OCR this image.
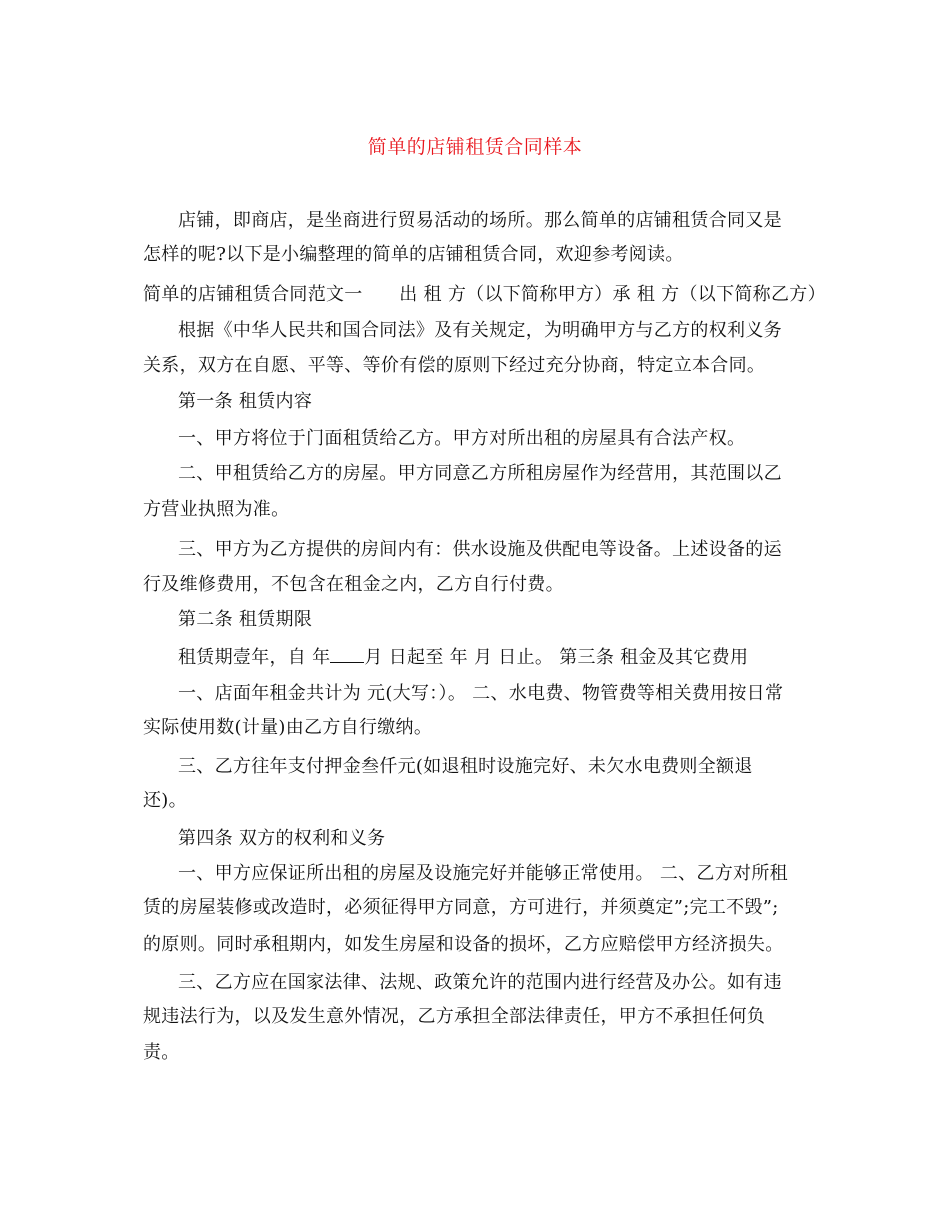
简单的店铺租赁合同样本
店铺，即商店，是坐商进行贸易活动的场所。那么简单的店铺租赁合同又是
怎样的呢?以下是小编整理的简单的店铺租赁合同，欢迎参考阅读。
简单的店铺租赁合同范文一　　出 租 方（以下简称甲方）承 租 方（以下简称乙方）
根据《中华人民共和国合同法》及有关规定，为明确甲方与乙方的权利义务
关系，双方在自愿、平等、等价有偿的原则下经过充分协商，特定立本合同。
第一条 租赁内容
一、甲方将位于门面租赁给乙方。甲方对所出租的房屋具有合法产权。
二、甲租赁给乙方的房屋。甲方同意乙方所租房屋作为经营用，其范围以乙
方营业执照为准。
三、甲方为乙方提供的房间内有：供水设施及供配电等设备。上述设备的运
行及维修费用，不包含在租金之内，乙方自行付费。
第二条 租赁期限
租赁期壹年，自 年 月 日起至 年 月 日止。 第三条 租金及其它费用
一、店面年租金共计为 元(大写：）。 二、水电费、物管费等相关费用按日常
实际使用数(计量)由乙方自行缴纳。
三、乙方往年支付押金叁仟元(如退租时设施完好、未欠水电费则全额退
还)。
第四条 双方的权利和义务
一、甲方应保证所出租的房屋及设施完好并能够正常使用。 二、乙方对所租
赁的房屋装修或改造时，必须征得甲方同意，方可进行，并须奠定”;完工不毁”;
的原则。同时承租期内，如发生房屋和设备的损坏，乙方应赔偿甲方经济损失。
三、乙方应在国家法律、法规、政策允许的范围内进行经营及办公。如有违
规违法行为，以及发生意外情况，乙方承担全部法律责任，甲方不承担任何负
责。
